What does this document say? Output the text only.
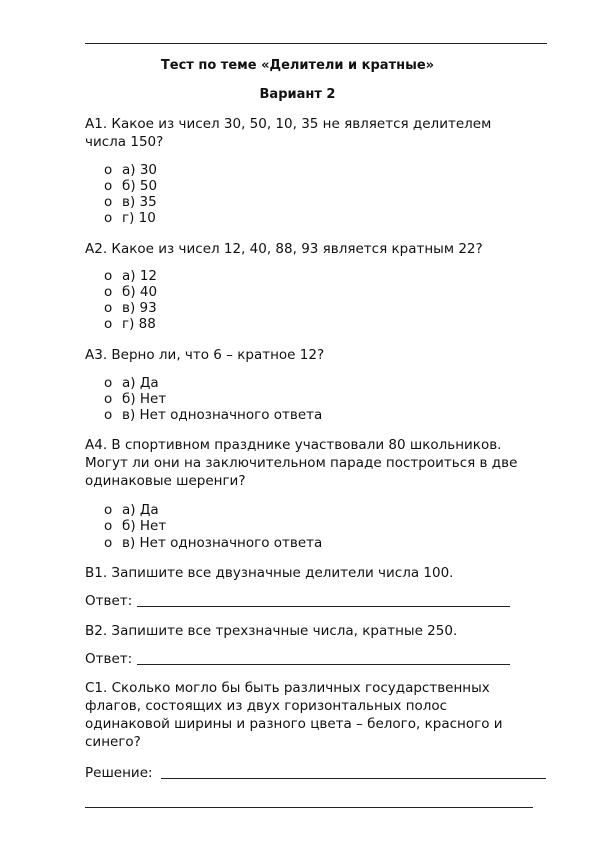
Тест по теме «Делители и кратные»
Вариант 2
А1. Какое из чисел 30, 50, 10, 35 не является делителем числа 150?
o а) 30
o б) 50
o в) 35
o г) 10
А2. Какое из чисел 12, 40, 88, 93 является кратным 22?
o а) 12
o б) 40
o в) 93
o г) 88
А3. Верно ли, что 6 – кратное 12?
o а) Да
o б) Нет
o в) Нет однозначного ответа
А4. В спортивном празднике участвовали 80 школьников. Могут ли они на заключительном параде построиться в две одинаковые шеренги?
o а) Да
o б) Нет
o в) Нет однозначного ответа
В1. Запишите все двузначные делители числа 100.
Ответ:
В2. Запишите все трехзначные числа, кратные 250.
Ответ:
С1. Сколько могло бы быть различных государственных флагов, состоящих из двух горизонтальных полос одинаковой ширины и разного цвета – белого, красного и синего?
Решение:
